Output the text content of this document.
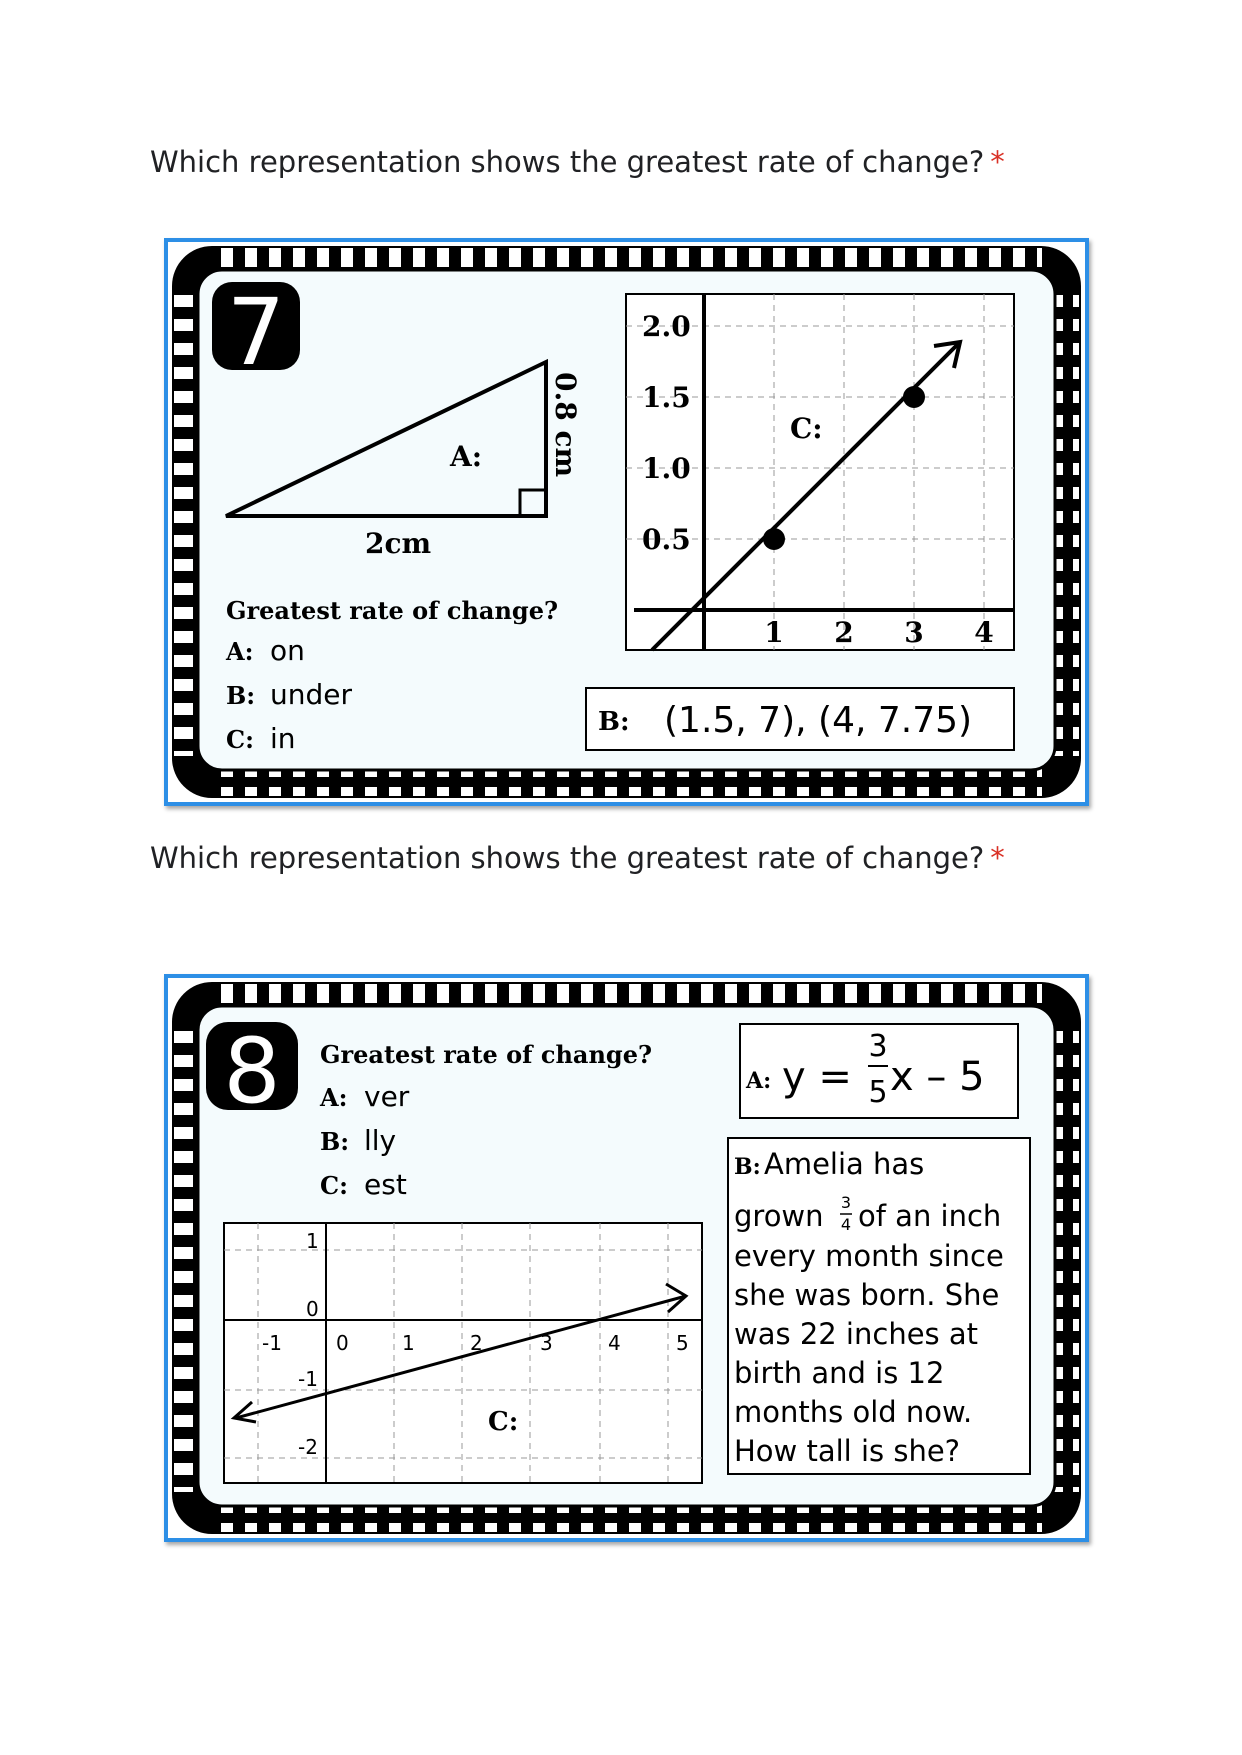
Which representation shows the greatest rate of change? *
7
2cm
0.8 cm
A:
Greatest rate of change?
A: on
B: under
C: in
2.0
1.5
1.0
0.5
1 2 3 4
C:
B: (1.5, 7), (4, 7.75)
Which representation shows the greatest rate of change? *
8 Greatest rate of change?
A: ver
B: lly
C: est
-1	0	1	2	3	4	5
1
0
-1
-2
C:
A: y =
3
5 x – 5
B: Amelia has
grown 3
4 of an inch
every month since
she was born. She
was 22 inches at
birth and is 12
months old now.
How tall is she?
